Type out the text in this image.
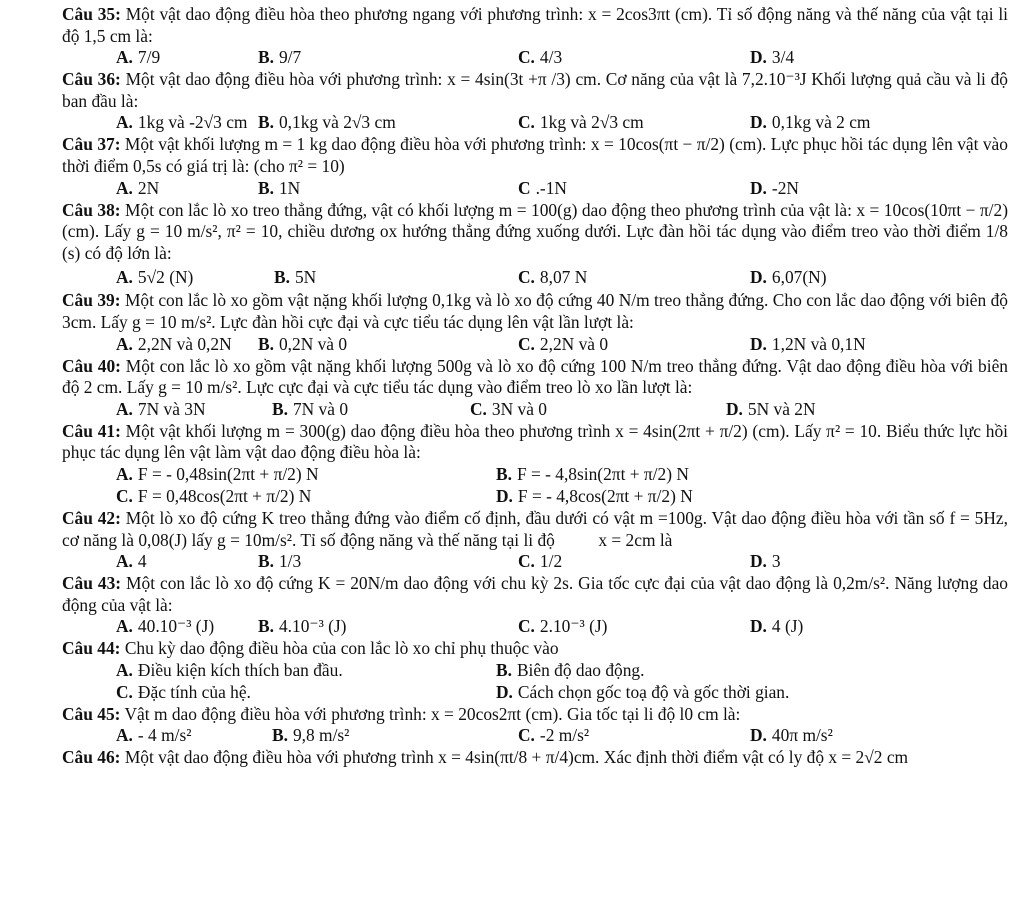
Câu 35: Một vật dao động điều hòa theo phương ngang với phương trình: x = 2cos3πt (cm). Tỉ số động năng và thế năng của vật tại li độ 1,5 cm là:

A. 7/9	B. 9/7	C. 4/3	D. 3/4

Câu 36: Một vật dao động điều hòa với phương trình: x = 4sin(3t +π /3) cm. Cơ năng của vật là 7,2.10⁻³J Khối lượng quả cầu và li độ ban đầu là:

A. 1kg và -2√3 cm B. 0,1kg và 2√3 cm	C. 1kg và 2√3 cm	D. 0,1kg và 2 cm

Câu 37: Một vật khối lượng m = 1 kg dao động điều hòa với phương trình: x = 10cos(πt − π/2) (cm). Lực phục hồi tác dụng lên vật vào thời điểm 0,5s có giá trị là: (cho π² = 10)

A. 2N	B. 1N	C .-1N	D. -2N

Câu 38: Một con lắc lò xo treo thẳng đứng, vật có khối lượng m = 100(g) dao động theo phương trình của vật là: x = 10cos(10πt − π/2) (cm). Lấy g = 10 m/s², π² = 10, chiều dương ox hướng thẳng đứng xuống dưới. Lực đàn hồi tác dụng vào điểm treo vào thời điểm 1/8 (s) có độ lớn là:

A. 5√2 (N)	B. 5N	C. 8,07 N	D. 6,07(N)

Câu 39: Một con lắc lò xo gồm vật nặng khối lượng 0,1kg và lò xo độ cứng 40 N/m treo thẳng đứng. Cho con lắc dao động với biên độ 3cm. Lấy g = 10 m/s². Lực đàn hồi cực đại và cực tiểu tác dụng lên vật lần lượt là:

A. 2,2N và 0,2N B. 0,2N và 0	C. 2,2N và 0	D. 1,2N và 0,1N

Câu 40: Một con lắc lò xo gồm vật nặng khối lượng 500g và lò xo độ cứng 100 N/m treo thẳng đứng. Vật dao động điều hòa với biên độ 2 cm. Lấy g = 10 m/s². Lực cực đại và cực tiểu tác dụng vào điểm treo lò xo lần lượt là:

A. 7N và 3N	B. 7N và 0	C. 3N và 0	D. 5N và 2N

Câu 41: Một vật khối lượng m = 300(g) dao động điều hòa theo phương trình x = 4sin(2πt + π/2) (cm). Lấy π² = 10. Biểu thức lực hồi phục tác dụng lên vật làm vật dao động điều hòa là:

A. F = - 0,48sin(2πt + π/2) N	B. F = - 4,8sin(2πt + π/2) N
C. F = 0,48cos(2πt + π/2) N	D. F = - 4,8cos(2πt + π/2) N

Câu 42: Một lò xo độ cứng K treo thẳng đứng vào điểm cố định, đầu dưới có vật m =100g. Vật dao động điều hòa với tần số f = 5Hz, cơ năng là 0,08(J) lấy g = 10m/s². Tỉ số động năng và thế năng tại li độ          x = 2cm là

A. 4	B. 1/3	C. 1/2	D. 3

Câu 43: Một con lắc lò xo độ cứng K = 20N/m dao động với chu kỳ 2s. Gia tốc cực đại của vật dao động là 0,2m/s². Năng lượng dao động của vật là:

A. 40.10⁻³ (J)	B. 4.10⁻³ (J)	C. 2.10⁻³ (J)	D. 4 (J)

Câu 44: Chu kỳ dao động điều hòa của con lắc lò xo chỉ phụ thuộc vào

A. Điều kiện kích thích ban đầu.	B. Biên độ dao động.
C. Đặc tính của hệ.	D. Cách chọn gốc toạ độ và gốc thời gian.

Câu 45: Vật m dao động điều hòa với phương trình: x = 20cos2πt (cm). Gia tốc tại li độ l0 cm là:

A. - 4 m/s²	B. 9,8 m/s²	C. -2 m/s²	D. 40π m/s²

Câu 46: Một vật dao động điều hòa với phương trình x = 4sin(πt/8 + π/4)cm. Xác định thời điểm vật có ly độ x = 2√2 cm
